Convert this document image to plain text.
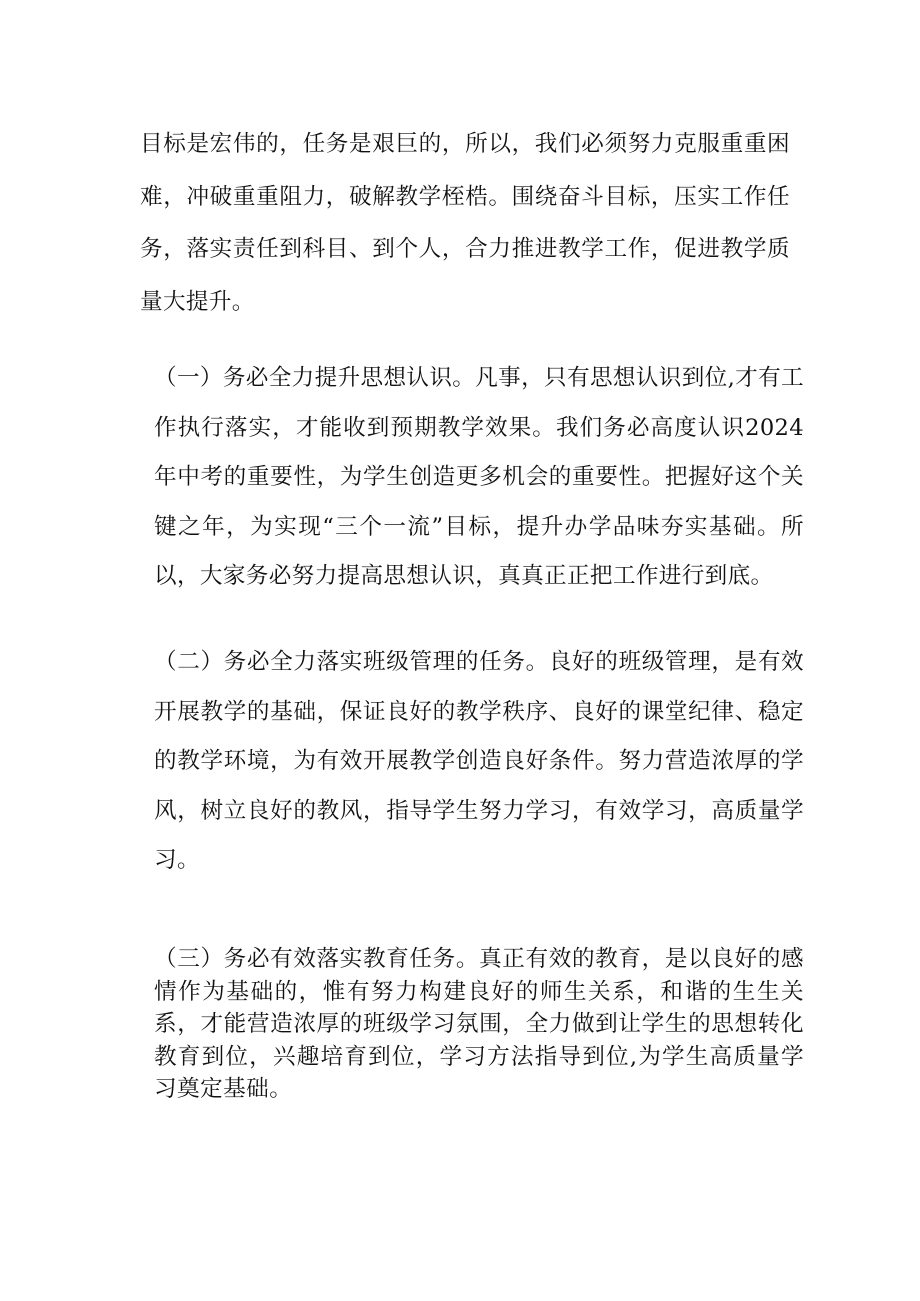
目标是宏伟的，任务是艰巨的，所以，我们必须努力克服重重困难，冲破重重阻力，破解教学桎梏。围绕奋斗目标，压实工作任务，落实责任到科目、到个人，合力推进教学工作，促进教学质量大提升。

（一）务必全力提升思想认识。凡事，只有思想认识到位,才有工作执行落实，才能收到预期教学效果。我们务必高度认识2024年中考的重要性，为学生创造更多机会的重要性。把握好这个关键之年，为实现“三个一流”目标，提升办学品味夯实基础。所以，大家务必努力提高思想认识，真真正正把工作进行到底。

（二）务必全力落实班级管理的任务。良好的班级管理，是有效开展教学的基础，保证良好的教学秩序、良好的课堂纪律、稳定的教学环境，为有效开展教学创造良好条件。努力营造浓厚的学风，树立良好的教风，指导学生努力学习，有效学习，高质量学习。

（三）务必有效落实教育任务。真正有效的教育，是以良好的感情作为基础的，惟有努力构建良好的师生关系，和谐的生生关系，才能营造浓厚的班级学习氛围，全力做到让学生的思想转化教育到位，兴趣培育到位，学习方法指导到位,为学生高质量学习奠定基础。
